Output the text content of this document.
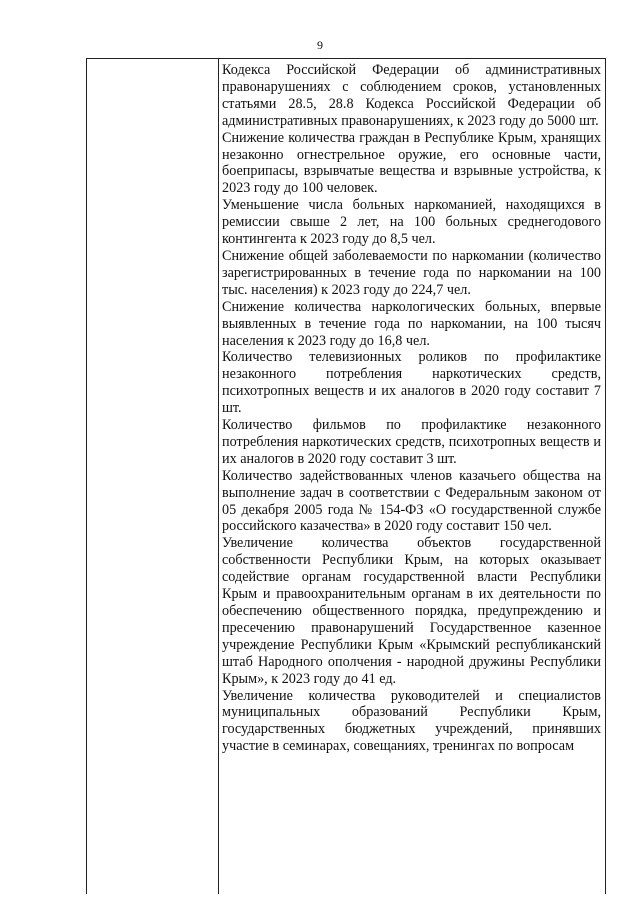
9

Кодекса Российской Федерации об административных правонарушениях с соблюдением сроков, установленных статьями 28.5, 28.8 Кодекса Российской Федерации об административных правонарушениях, к 2023 году до 5000 шт.

Снижение количества граждан в Республике Крым, хранящих незаконно огнестрельное оружие, его основные части, боеприпасы, взрывчатые вещества и взрывные устройства, к 2023 году до 100 человек.

Уменьшение числа больных наркоманией, находящихся в ремиссии свыше 2 лет, на 100 больных среднегодового контингента к 2023 году до 8,5 чел.

Снижение общей заболеваемости по наркомании (количество зарегистрированных в течение года по наркомании на 100 тыс. населения) к 2023 году до 224,7 чел.

Снижение количества наркологических больных, впервые выявленных в течение года по наркомании, на 100 тысяч населения к 2023 году до 16,8 чел.

Количество телевизионных роликов по профилактике незаконного потребления наркотических средств, психотропных веществ и их аналогов в 2020 году составит 7 шт.

Количество фильмов по профилактике незаконного потребления наркотических средств, психотропных веществ и их аналогов в 2020 году составит 3 шт.

Количество задействованных членов казачьего общества на выполнение задач в соответствии с Федеральным законом от 05 декабря 2005 года № 154-ФЗ «О государственной службе российского казачества» в 2020 году составит 150 чел.

Увеличение количества объектов государственной собственности Республики Крым, на которых оказывает содействие органам государственной власти Республики Крым и правоохранительным органам в их деятельности по обеспечению общественного порядка, предупреждению и пресечению правонарушений Государственное казенное учреждение Республики Крым «Крымский республиканский штаб Народного ополчения - народной дружины Республики Крым», к 2023 году до 41 ед.

Увеличение количества руководителей и специалистов муниципальных образований Республики Крым, государственных бюджетных учреждений, принявших участие в семинарах, совещаниях, тренингах по вопросам
